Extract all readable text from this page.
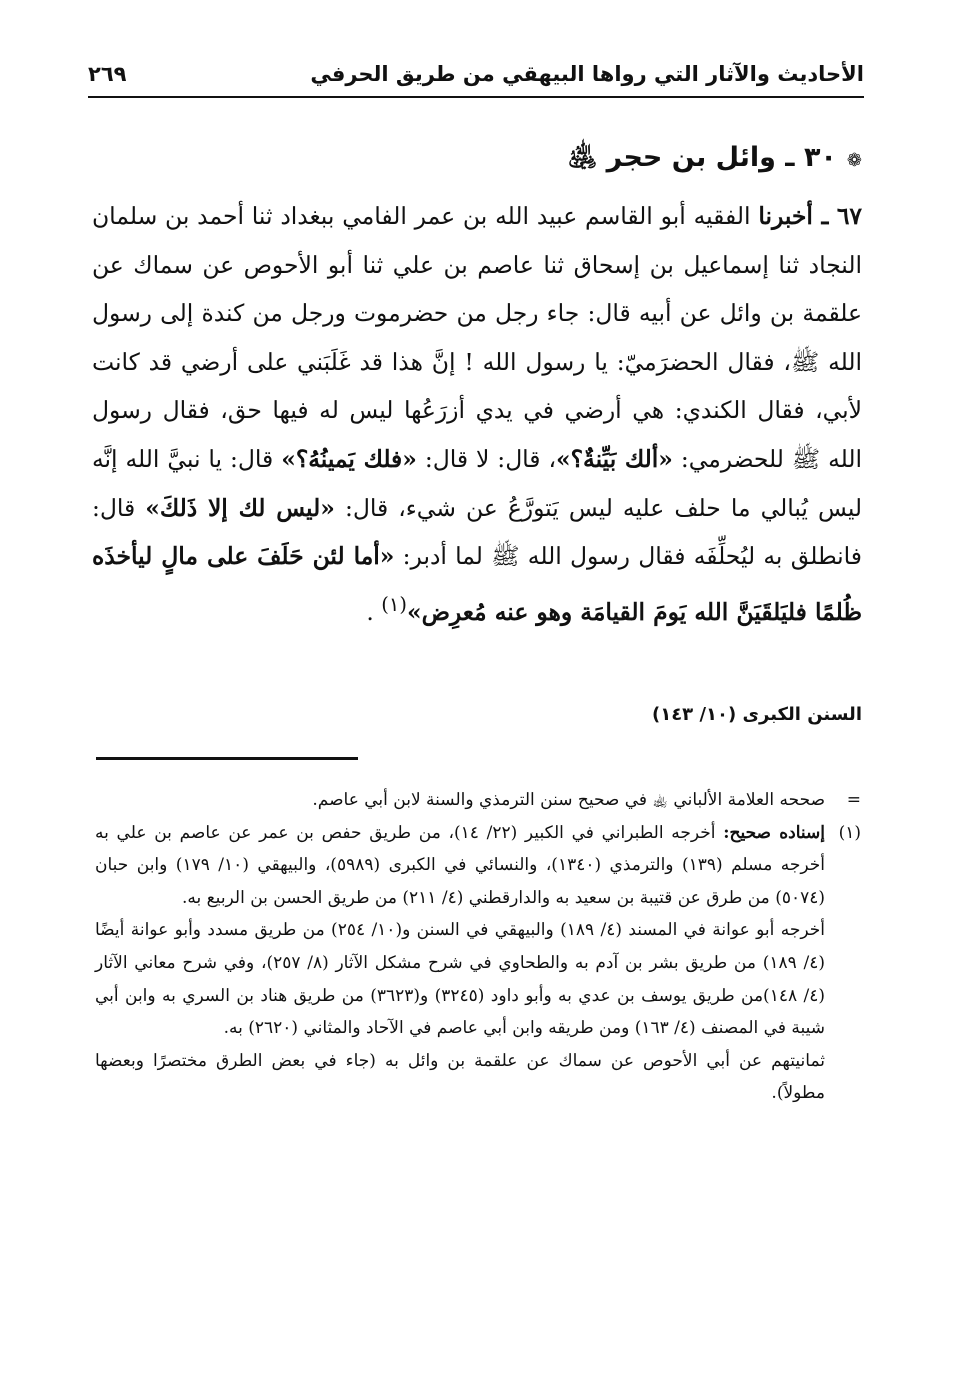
الأحاديث والآثار التي رواها البيهقي من طريق الحرفي
٢٦٩
❁
٣٠ ـ وائل بن حجر ﵁

٦٧ ـ أخبرنا الفقيه أبو القاسم عبيد الله بن عمر الفامي ببغداد ثنا أحمد بن سلمان النجاد ثنا إسماعيل بن إسحاق ثنا عاصم بن علي ثنا أبو الأحوص عن سماك عن علقمة بن وائل عن أبيه قال: جاء رجل من حضرموت ورجل من كندة إلى رسول الله ﷺ، فقال الحضرَميّ: يا رسول الله ! إنَّ هذا قد غَلَبَني على أرضي قد كانت لأبي، فقال الكندي: هي أرضي في يدي أزرَعُها ليس له فيها حق، فقال رسول الله ﷺ للحضرمي: «ألك بَيِّنةٌ؟»، قال: لا قال: «فلك يَمينُهُ؟» قال: يا نبيَّ الله إنَّه ليس يُبالي ما حلف عليه ليس يَتورَّعُ عن شيء، قال: «ليس لك إلا ذَلكَ» قال: فانطلق به ليُحلِّفَه فقال رسول الله ﷺ لما أدبر: «أما لئن حَلَفَ على مالٍ ليأخذَه ظُلمًا فليَلقَيَنَّ الله يَومَ القيامَة وهو عنه مُعرِض»$^{(١)}$ .

السنن الكبرى (١٠/ ١٤٣)
=

صححه العلامة الألباني ﵀ في صحيح سنن الترمذي والسنة لابن أبي عاصم.

(١)

إسناده صحيح: أخرجه الطبراني في الكبير (٢٢/ ١٤)، من طريق حفص بن عمر عن عاصم بن علي به أخرجه مسلم (١٣٩) والترمذي (١٣٤٠)، والنسائي في الكبرى (٥٩٨٩)، والبيهقي (١٠/ ١٧٩) وابن حبان (٥٠٧٤) من طرق عن قتيبة بن سعيد به والدارقطني (٤/ ٢١١) من طريق الحسن بن الربيع به.

أخرجه أبو عوانة في المسند (٤/ ١٨٩) والبيهقي في السنن و(١٠/ ٢٥٤) من طريق مسدد وأبو عوانة أيضًا (٤/ ١٨٩) من طريق بشر بن آدم به والطحاوي في شرح مشكل الآثار (٨/ ٢٥٧)، وفي شرح معاني الآثار (٤/ ١٤٨)من طريق يوسف بن عدي به وأبو داود (٣٢٤٥) و(٣٦٢٣) من طريق هناد بن السري به وابن أبي شيبة في المصنف (٤/ ١٦٣) ومن طريقه وابن أبي عاصم في الآحاد والمثاني (٢٦٢٠) به.

ثمانيتهم عن أبي الأحوص عن سماك عن علقمة بن وائل به (جاء في بعض الطرق مختصرًا وبعضها مطولاً).
